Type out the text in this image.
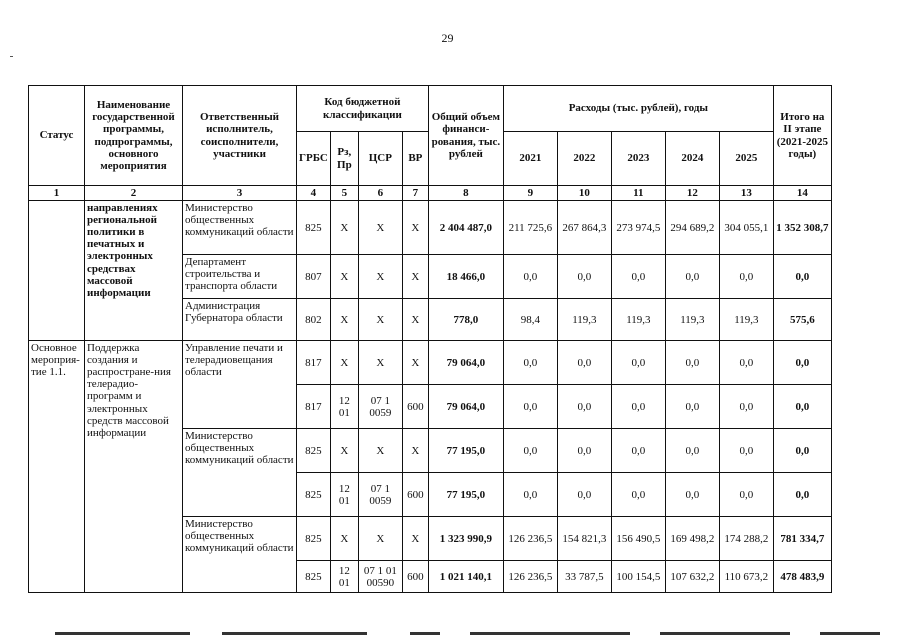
29
Статус	Наименование государственной программы, подпрограммы, основного мероприятия	Ответственный исполнитель, соисполнители, участники	Код бюджетной классификации				Общий объем финанси-рования, тыс. рублей	Расходы (тыс. рублей), годы					Итого на II этапе (2021-2025 годы)
			ГРБС	Рз, Пр	ЦСР	ВР		2021	2022	2023	2024	2025	
1	2	3	4	5	6	7	8	9	10	11	12	13	14
	направлениях региональной политики в печатных и электронных средствах массовой информации	Министерство общественных коммуникаций области	825	Х	Х	Х	2 404 487,0	211 725,6	267 864,3	273 974,5	294 689,2	304 055,1	1 352 308,7
		Департамент строительства и транспорта области	807	Х	Х	Х	18 466,0	0,0	0,0	0,0	0,0	0,0	0,0
		Администрация Губернатора области	802	Х	Х	Х	778,0	98,4	119,3	119,3	119,3	119,3	575,6
Основное мероприя-тие 1.1.	Поддержка создания и распростране-ния телерадио-программ и электронных средств массовой информации	Управление печати и телерадиовещания области	817	Х	Х	Х	79 064,0	0,0	0,0	0,0	0,0	0,0	0,0
			817	12 01	07 1 0059	600	79 064,0	0,0	0,0	0,0	0,0	0,0	0,0
		Министерство общественных коммуникаций области	825	Х	Х	Х	77 195,0	0,0	0,0	0,0	0,0	0,0	0,0
			825	12 01	07 1 0059	600	77 195,0	0,0	0,0	0,0	0,0	0,0	0,0
		Министерство общественных коммуникаций области	825	Х	Х	Х	1 323 990,9	126 236,5	154 821,3	156 490,5	169 498,2	174 288,2	781 334,7
			825	12 01	07 1 01 00590	600	1 021 140,1	126 236,5	33 787,5	100 154,5	107 632,2	110 673,2	478 483,9
